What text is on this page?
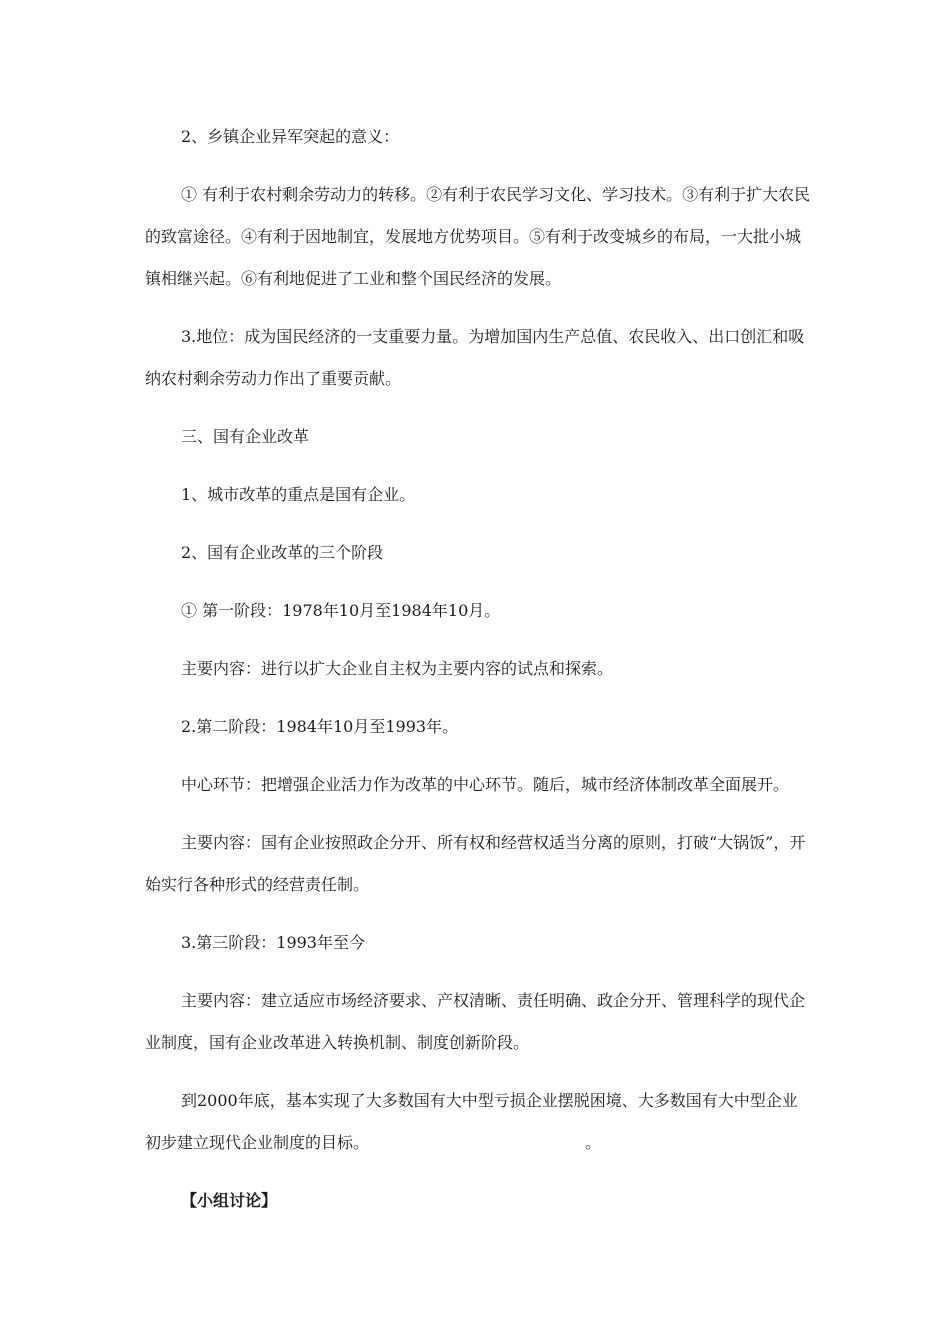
2、乡镇企业异军突起的意义：

① 有利于农村剩余劳动力的转移。②有利于农民学习文化、学习技术。③有利于扩大农民的致富途径。④有利于因地制宜，发展地方优势项目。⑤有利于改变城乡的布局，一大批小城镇相继兴起。⑥有利地促进了工业和整个国民经济的发展。

3.地位：成为国民经济的一支重要力量。为增加国内生产总值、农民收入、出口创汇和吸纳农村剩余劳动力作出了重要贡献。

三、国有企业改革

1、城市改革的重点是国有企业。

2、国有企业改革的三个阶段

① 第一阶段：1978年10月至1984年10月。

主要内容：进行以扩大企业自主权为主要内容的试点和探索。

2.第二阶段：1984年10月至1993年。

中心环节：把增强企业活力作为改革的中心环节。随后，城市经济体制改革全面展开。

主要内容：国有企业按照政企分开、所有权和经营权适当分离的原则，打破“大锅饭”，开始实行各种形式的经营责任制。

3.第三阶段：1993年至今

主要内容：建立适应市场经济要求、产权清晰、责任明确、政企分开、管理科学的现代企业制度，国有企业改革进入转换机制、制度创新阶段。

到2000年底，基本实现了大多数国有大中型亏损企业摆脱困境、大多数国有大中型企业初步建立现代企业制度的目标。　　　　　　　　　　　　　　。

【小组讨论】
